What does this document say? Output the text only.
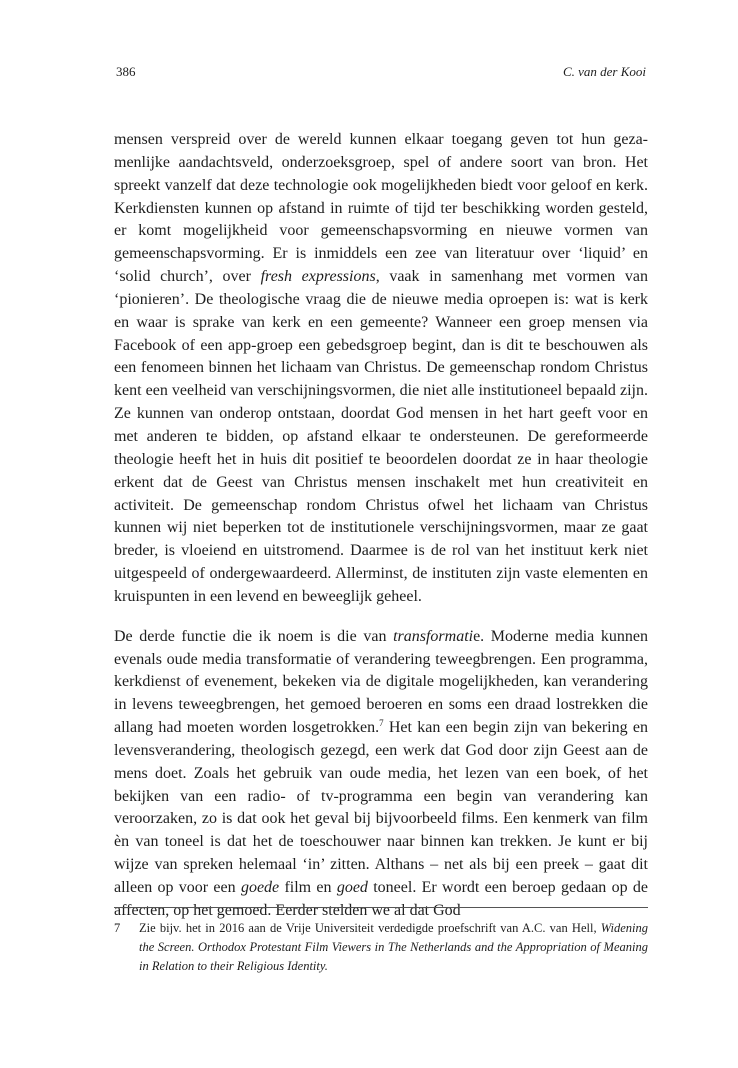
386	C. van der Kooi

mensen verspreid over de wereld kunnen elkaar toegang geven tot hun gezamenlijke aandachtsveld, onderzoeksgroep, spel of andere soort van bron. Het spreekt vanzelf dat deze technologie ook mogelijkheden biedt voor geloof en kerk. Kerkdiensten kunnen op afstand in ruimte of tijd ter beschikking worden gesteld, er komt mogelijkheid voor gemeenschapsvorming en nieuwe vormen van gemeenschapsvorming. Er is inmiddels een zee van literatuur over ‘liquid’ en ‘solid church’, over fresh expressions, vaak in samenhang met vormen van ‘pionieren’. De theologische vraag die de nieuwe media oproepen is: wat is kerk en waar is sprake van kerk en een gemeente? Wanneer een groep mensen via Facebook of een app-groep een gebedsgroep begint, dan is dit te beschouwen als een fenomeen binnen het lichaam van Christus. De gemeenschap rondom Christus kent een veelheid van verschijningsvormen, die niet alle institutioneel bepaald zijn. Ze kunnen van onderop ontstaan, doordat God mensen in het hart geeft voor en met anderen te bidden, op afstand elkaar te ondersteunen. De gereformeerde theologie heeft het in huis dit positief te beoordelen doordat ze in haar theologie erkent dat de Geest van Christus mensen inschakelt met hun creativiteit en activiteit. De gemeenschap rondom Christus ofwel het lichaam van Christus kunnen wij niet beperken tot de institutionele verschijningsvormen, maar ze gaat breder, is vloeiend en uitstromend. Daarmee is de rol van het instituut kerk niet uitgespeeld of ondergewaardeerd. Allerminst, de instituten zijn vaste elementen en kruispunten in een levend en beweeglijk geheel.

De derde functie die ik noem is die van transformatie. Moderne media kunnen evenals oude media transformatie of verandering teweegbrengen. Een programma, kerkdienst of evenement, bekeken via de digitale mogelijkheden, kan verandering in levens teweegbrengen, het gemoed beroeren en soms een draad lostrekken die allang had moeten worden losgetrokken.$^7$ Het kan een begin zijn van bekering en levensverandering, theologisch gezegd, een werk dat God door zijn Geest aan de mens doet. Zoals het gebruik van oude media, het lezen van een boek, of het bekijken van een radio- of tv-programma een begin van verandering kan veroorzaken, zo is dat ook het geval bij bijvoorbeeld films. Een kenmerk van film èn van toneel is dat het de toeschouwer naar binnen kan trekken. Je kunt er bij wijze van spreken helemaal ‘in’ zitten. Althans – net als bij een preek – gaat dit alleen op voor een goede film en goed toneel. Er wordt een beroep gedaan op de affecten, op het gemoed. Eerder stelden we al dat God

7 Zie bijv. het in 2016 aan de Vrije Universiteit verdedigde proefschrift van A.C. van Hell, Widening the Screen. Orthodox Protestant Film Viewers in The Netherlands and the Appropriation of Meaning in Relation to their Religious Identity.
